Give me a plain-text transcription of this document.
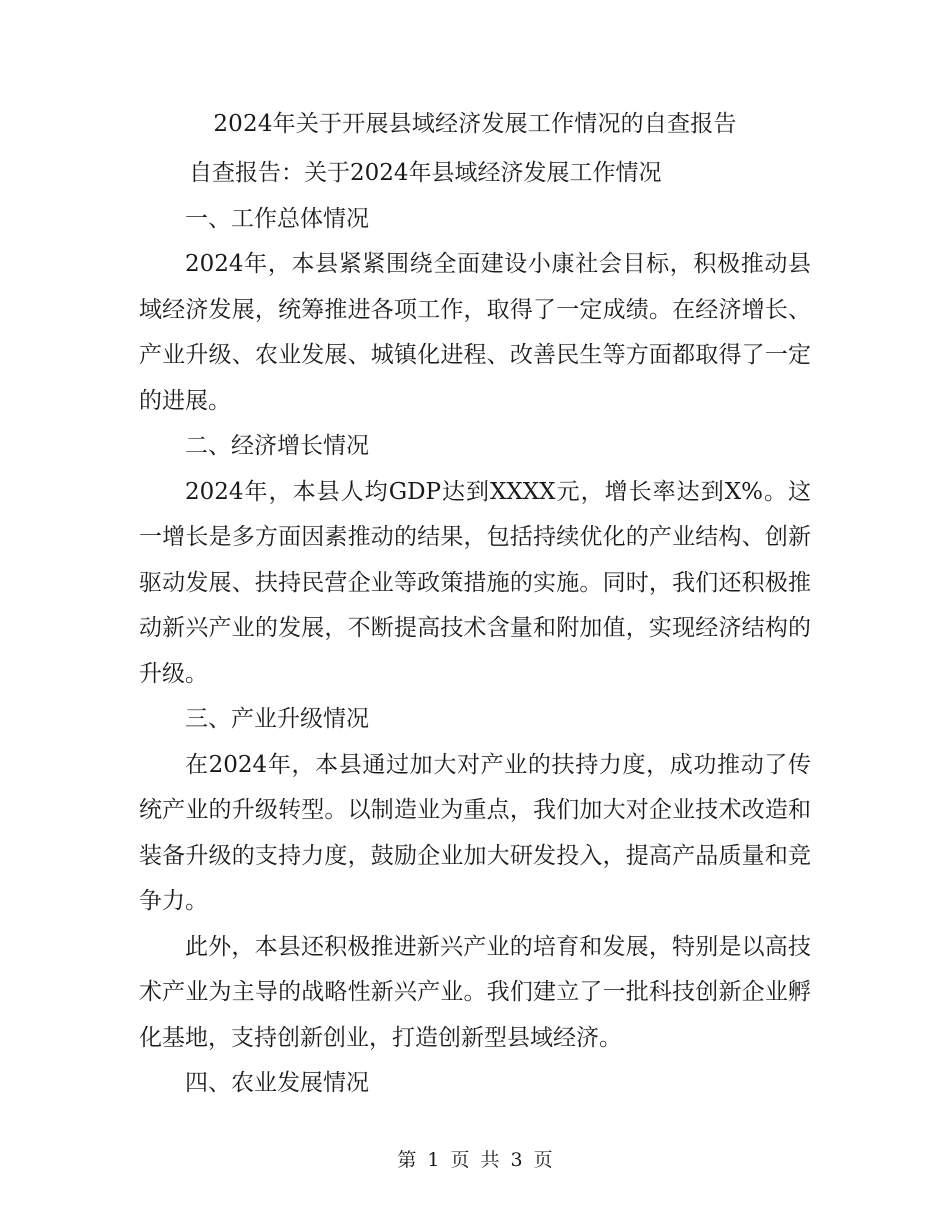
2024年关于开展县域经济发展工作情况的自查报告

自查报告：关于2024年县域经济发展工作情况

一、工作总体情况

2024年，本县紧紧围绕全面建设小康社会目标，积极推动县域经济发展，统筹推进各项工作，取得了一定成绩。在经济增长、产业升级、农业发展、城镇化进程、改善民生等方面都取得了一定的进展。

二、经济增长情况

2024年，本县人均GDP达到XXXX元，增长率达到X%。这一增长是多方面因素推动的结果，包括持续优化的产业结构、创新驱动发展、扶持民营企业等政策措施的实施。同时，我们还积极推动新兴产业的发展，不断提高技术含量和附加值，实现经济结构的升级。

三、产业升级情况

在2024年，本县通过加大对产业的扶持力度，成功推动了传统产业的升级转型。以制造业为重点，我们加大对企业技术改造和装备升级的支持力度，鼓励企业加大研发投入，提高产品质量和竞争力。

此外，本县还积极推进新兴产业的培育和发展，特别是以高技术产业为主导的战略性新兴产业。我们建立了一批科技创新企业孵化基地，支持创新创业，打造创新型县域经济。

四、农业发展情况

第 1 页 共 3 页
